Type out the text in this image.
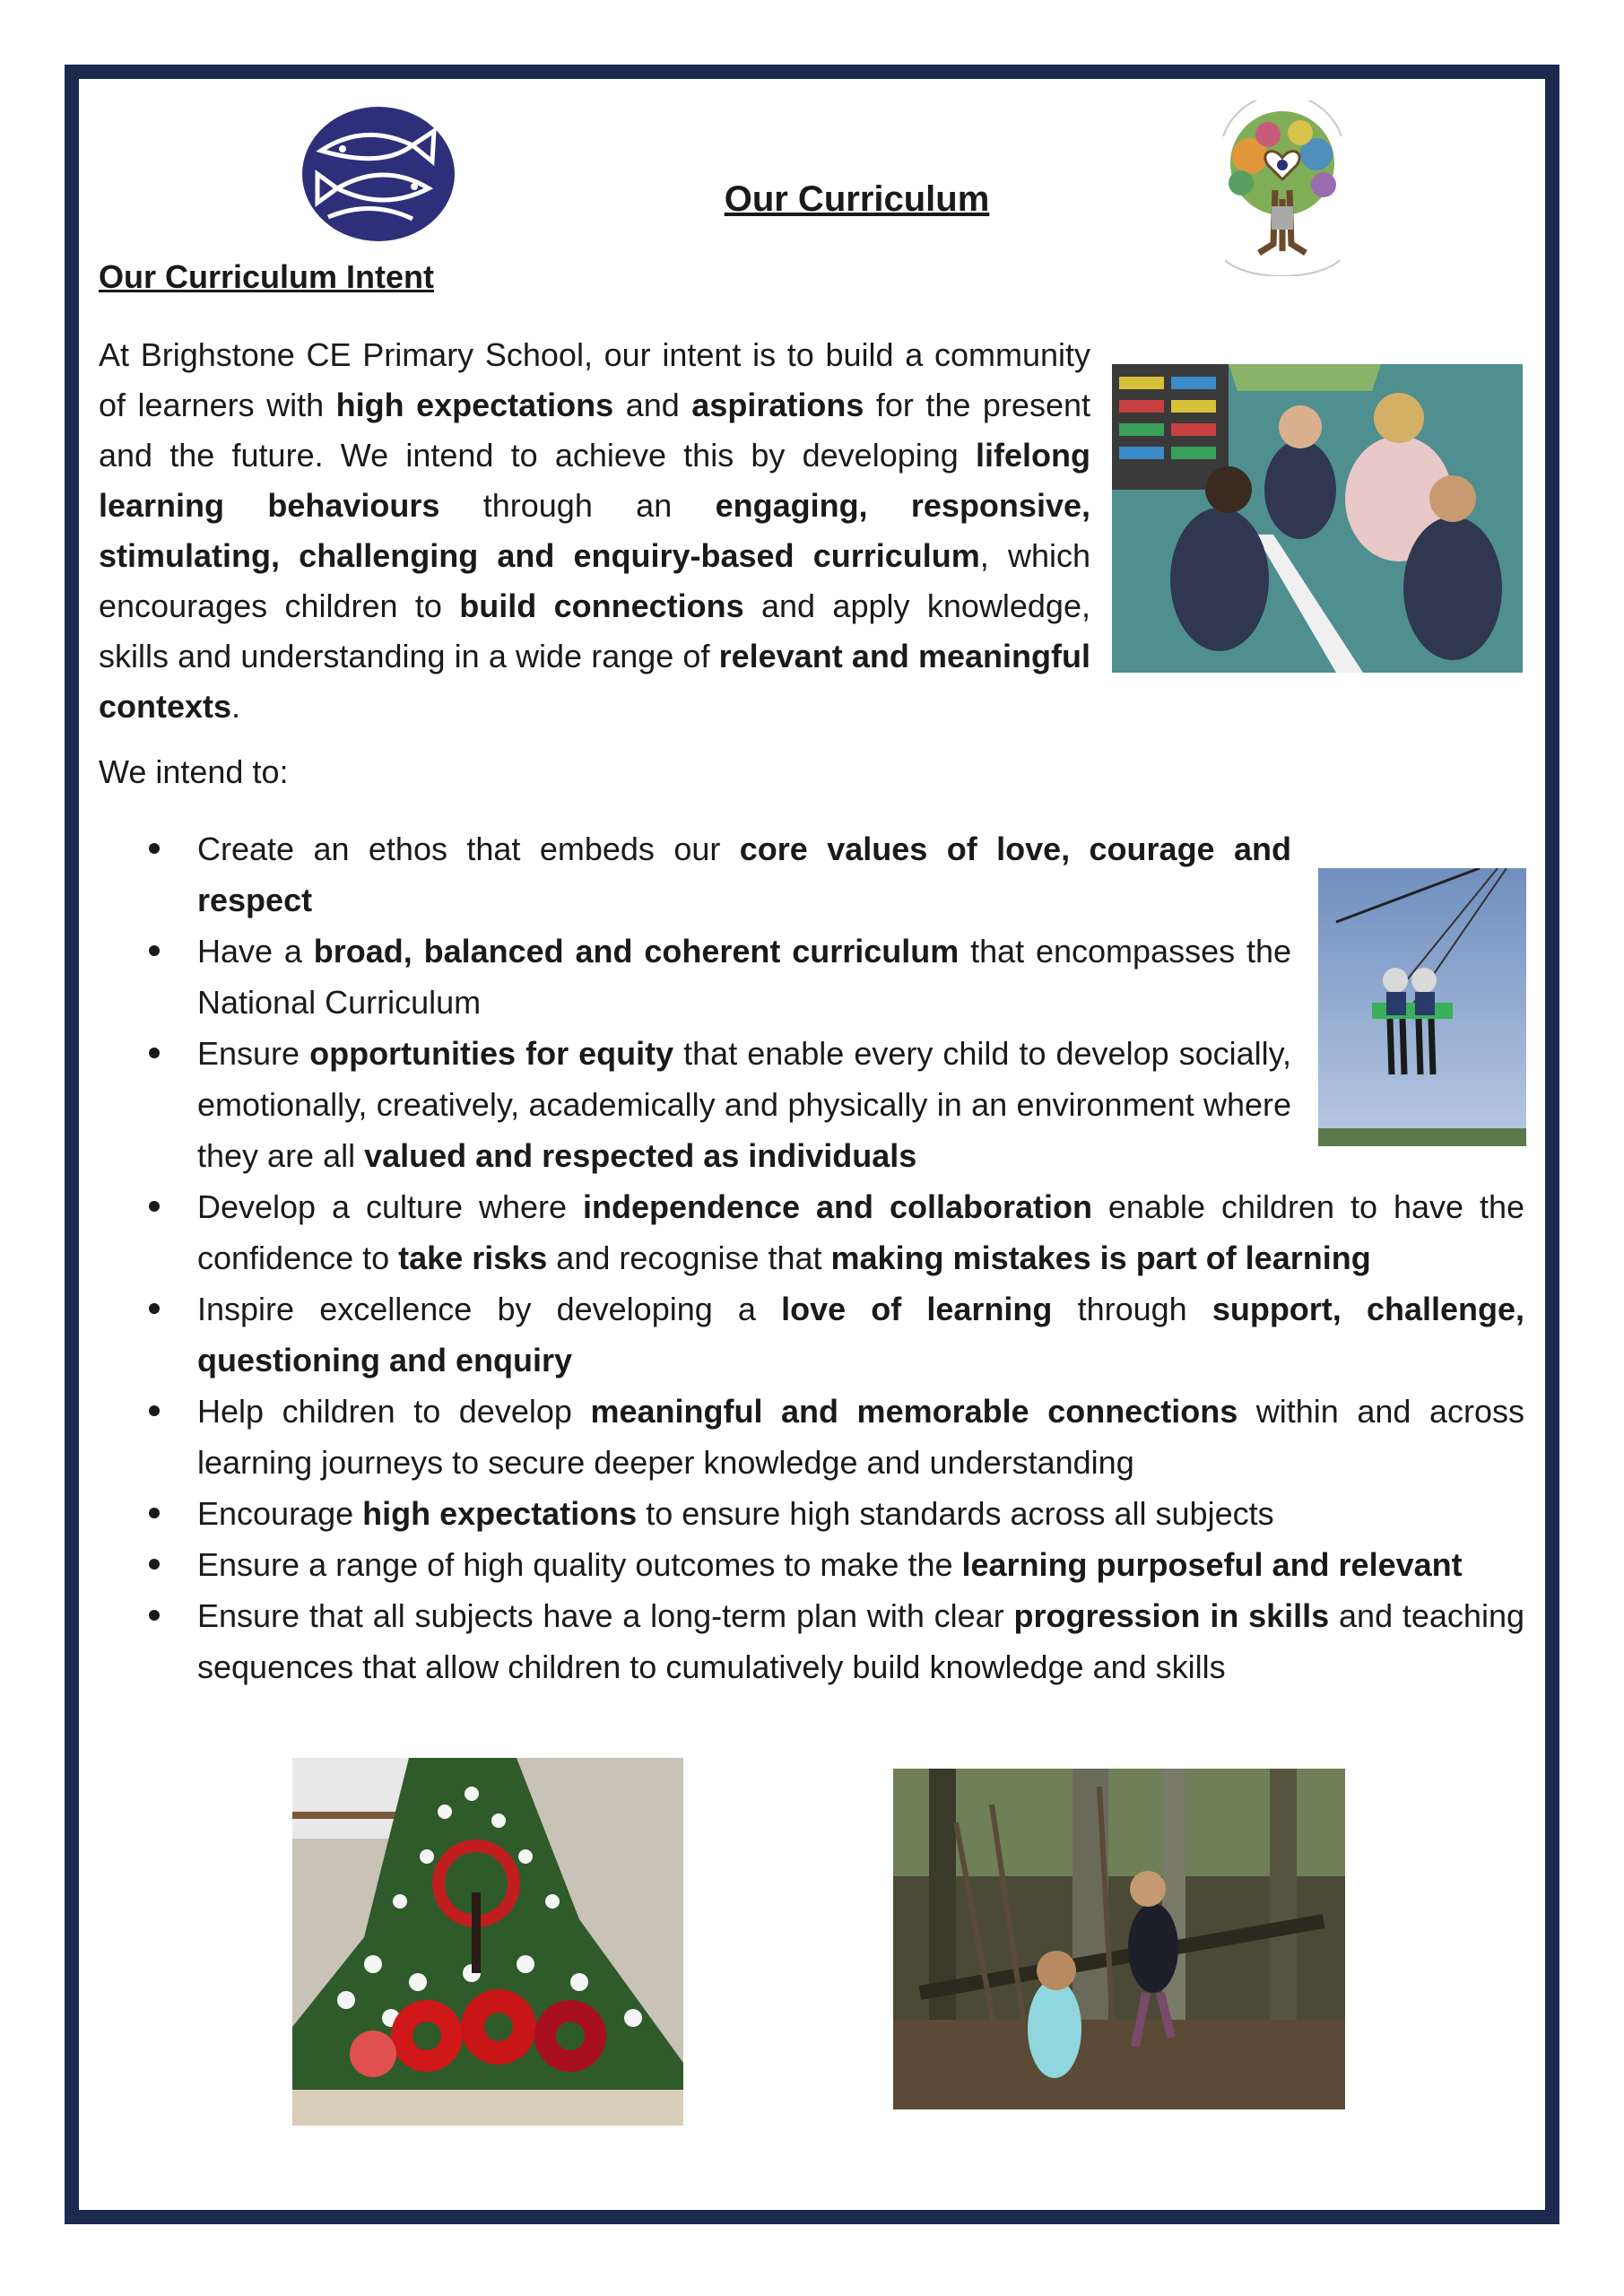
Our Curriculum
Our Curriculum Intent

At Brighstone CE Primary School, our intent is to build a community of learners with high expectations and aspirations for the present and the future. We intend to achieve this by developing lifelong learning behaviours through an engaging, responsive, stimulating, challenging and enquiry-based curriculum, which encourages children to build connections and apply knowledge, skills and understanding in a wide range of relevant and meaningful contexts.

We intend to:
Create an ethos that embeds our core values of love, courage and respect
Have a broad, balanced and coherent curriculum that encompasses the National Curriculum
Ensure opportunities for equity that enable every child to develop socially, emotionally, creatively, academically and physically in an environment where they are all valued and respected as individuals
Develop a culture where independence and collaboration enable children to have the confidence to take risks and recognise that making mistakes is part of learning
Inspire excellence by developing a love of learning through support, challenge, questioning and enquiry
Help children to develop meaningful and memorable connections within and across learning journeys to secure deeper knowledge and understanding
Encourage high expectations to ensure high standards across all subjects
Ensure a range of high quality outcomes to make the learning purposeful and relevant
Ensure that all subjects have a long-term plan with clear progression in skills and teaching sequences that allow children to cumulatively build knowledge and skills
